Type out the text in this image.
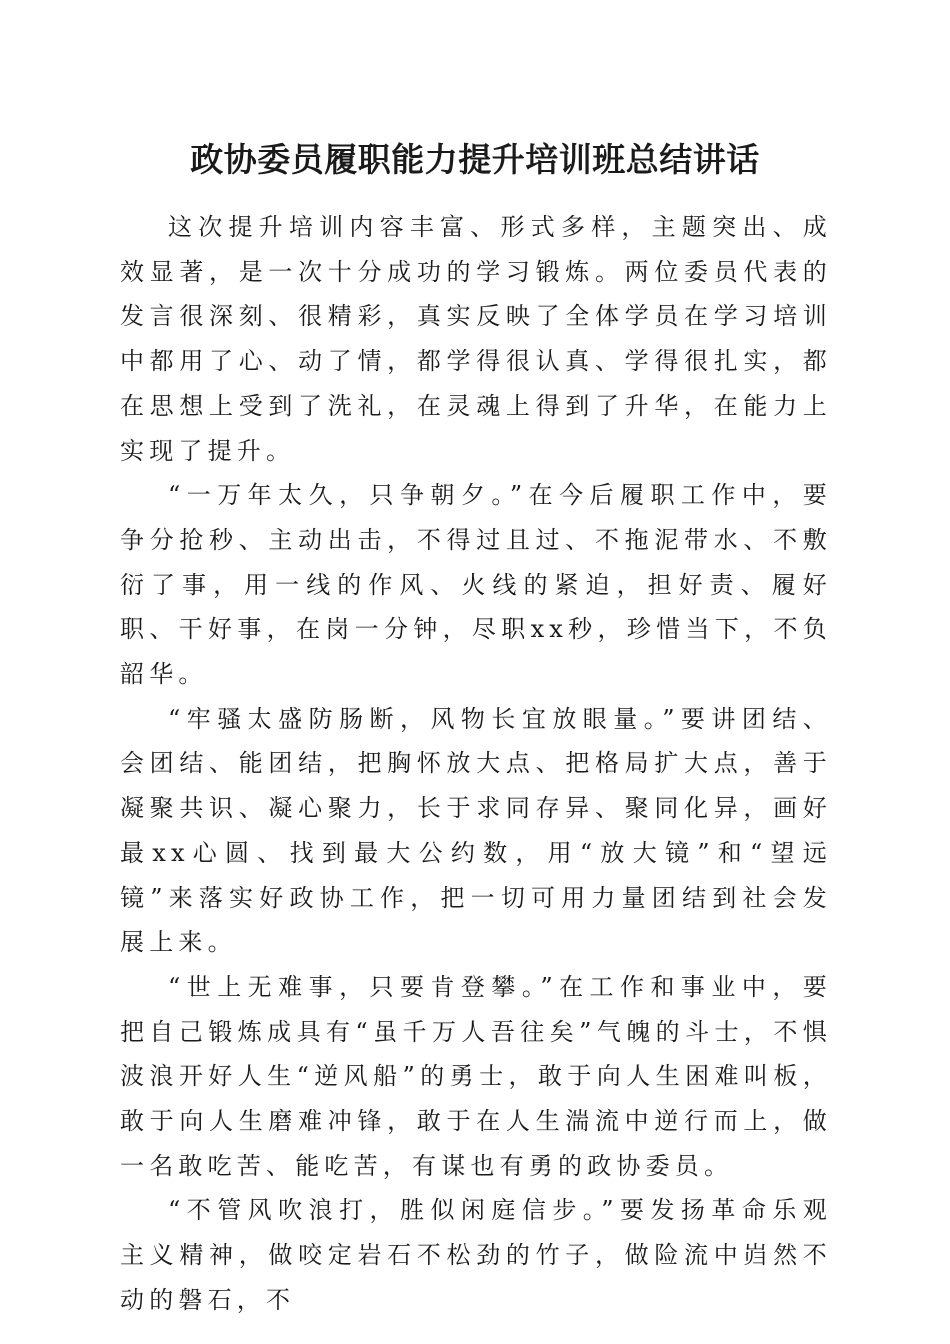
政协委员履职能力提升培训班总结讲话

这次提升培训内容丰富、形式多样，主题突出、成效显著，是一次十分成功的学习锻炼。两位委员代表的发言很深刻、很精彩，真实反映了全体学员在学习培训中都用了心、动了情，都学得很认真、学得很扎实，都在思想上受到了洗礼，在灵魂上得到了升华，在能力上实现了提升。

“一万年太久，只争朝夕。”在今后履职工作中，要争分抢秒、主动出击，不得过且过、不拖泥带水、不敷衍了事，用一线的作风、火线的紧迫，担好责、履好职、干好事，在岗一分钟，尽职xx秒，珍惜当下，不负韶华。

“牢骚太盛防肠断，风物长宜放眼量。”要讲团结、会团结、能团结，把胸怀放大点、把格局扩大点，善于凝聚共识、凝心聚力，长于求同存异、聚同化异，画好最xx心圆、找到最大公约数，用“放大镜”和“望远镜”来落实好政协工作，把一切可用力量团结到社会发展上来。

“世上无难事，只要肯登攀。”在工作和事业中，要把自己锻炼成具有“虽千万人吾往矣”气魄的斗士，不惧波浪开好人生“逆风船”的勇士，敢于向人生困难叫板，敢于向人生磨难冲锋，敢于在人生湍流中逆行而上，做一名敢吃苦、能吃苦，有谋也有勇的政协委员。

“不管风吹浪打，胜似闲庭信步。”要发扬革命乐观主义精神，做咬定岩石不松劲的竹子，做险流中岿然不动的磐石，不
